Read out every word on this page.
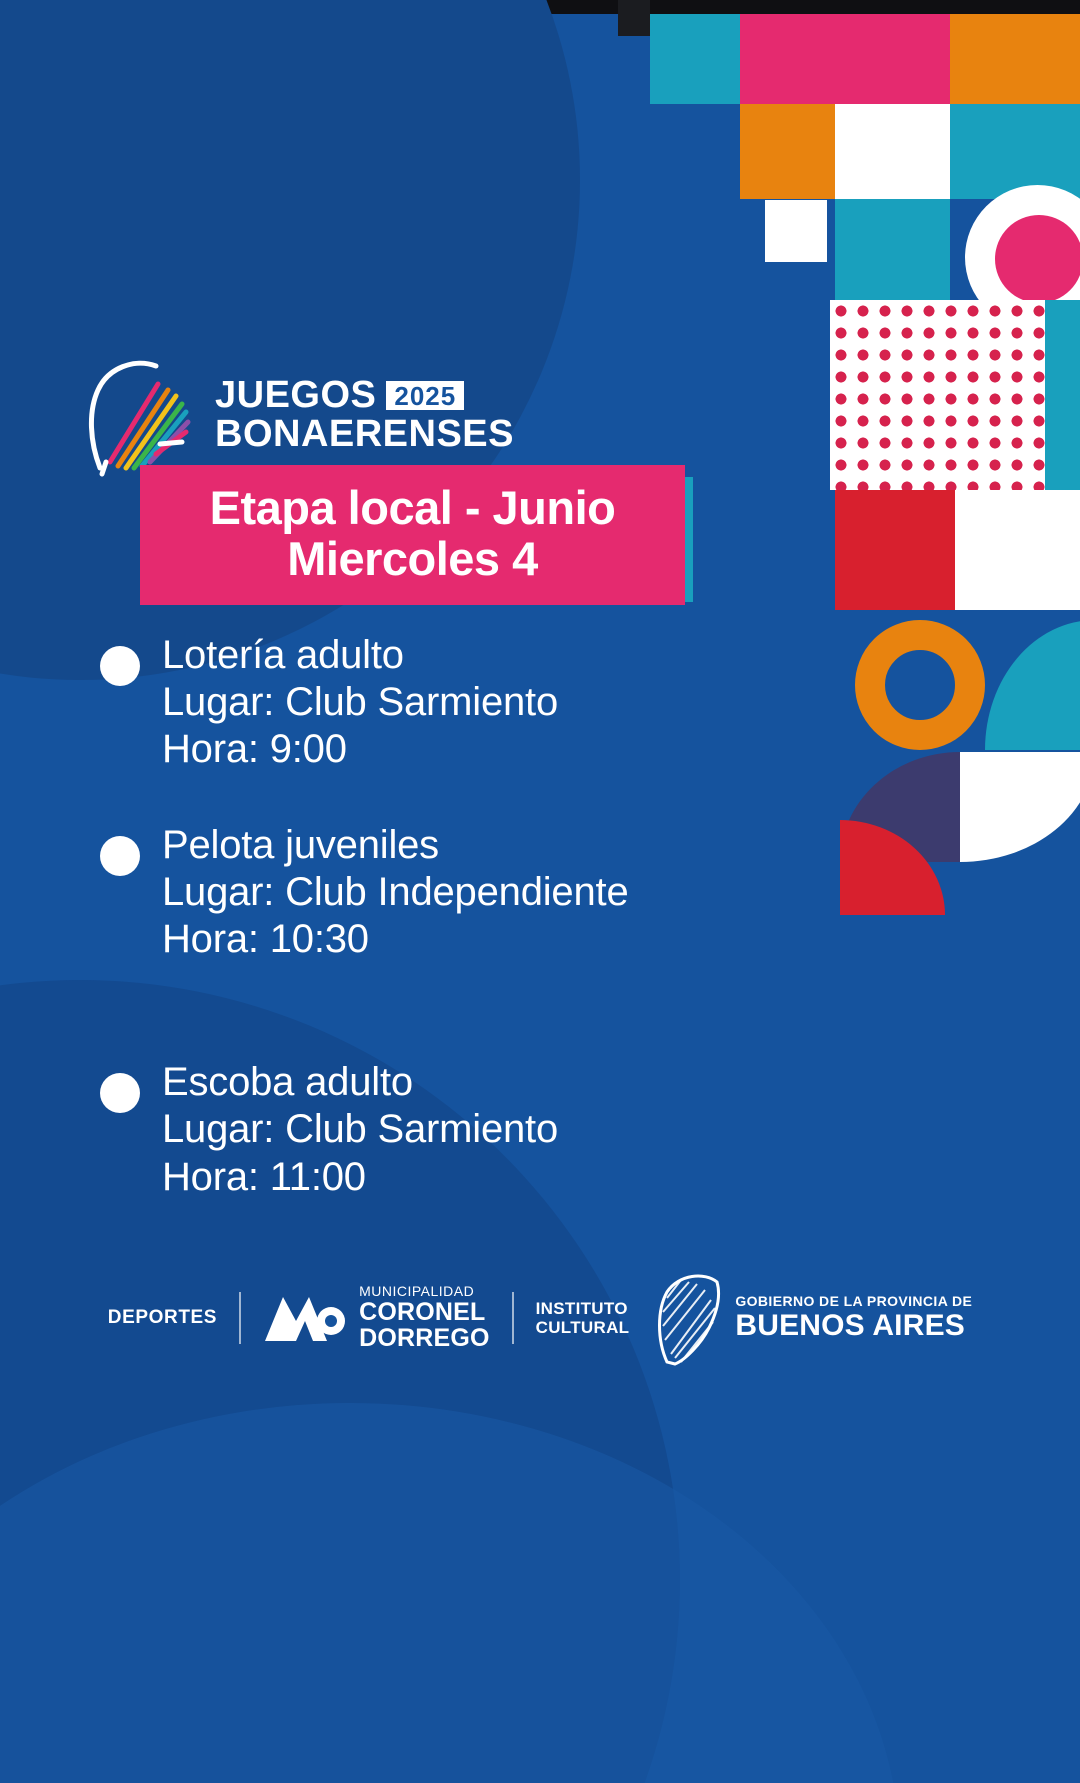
JUEGOS 2025
BONAERENSES
Etapa local - Junio
Miercoles 4
Lotería adulto
Lugar: Club Sarmiento
Hora: 9:00
Pelota juveniles
Lugar: Club Independiente
Hora: 10:30
Escoba adulto
Lugar: Club Sarmiento
Hora: 11:00
DEPORTES
MUNICIPALIDAD
CORONEL
DORREGO
INSTITUTO
CULTURAL
GOBIERNO DE LA PROVINCIA DE
BUENOS AIRES
